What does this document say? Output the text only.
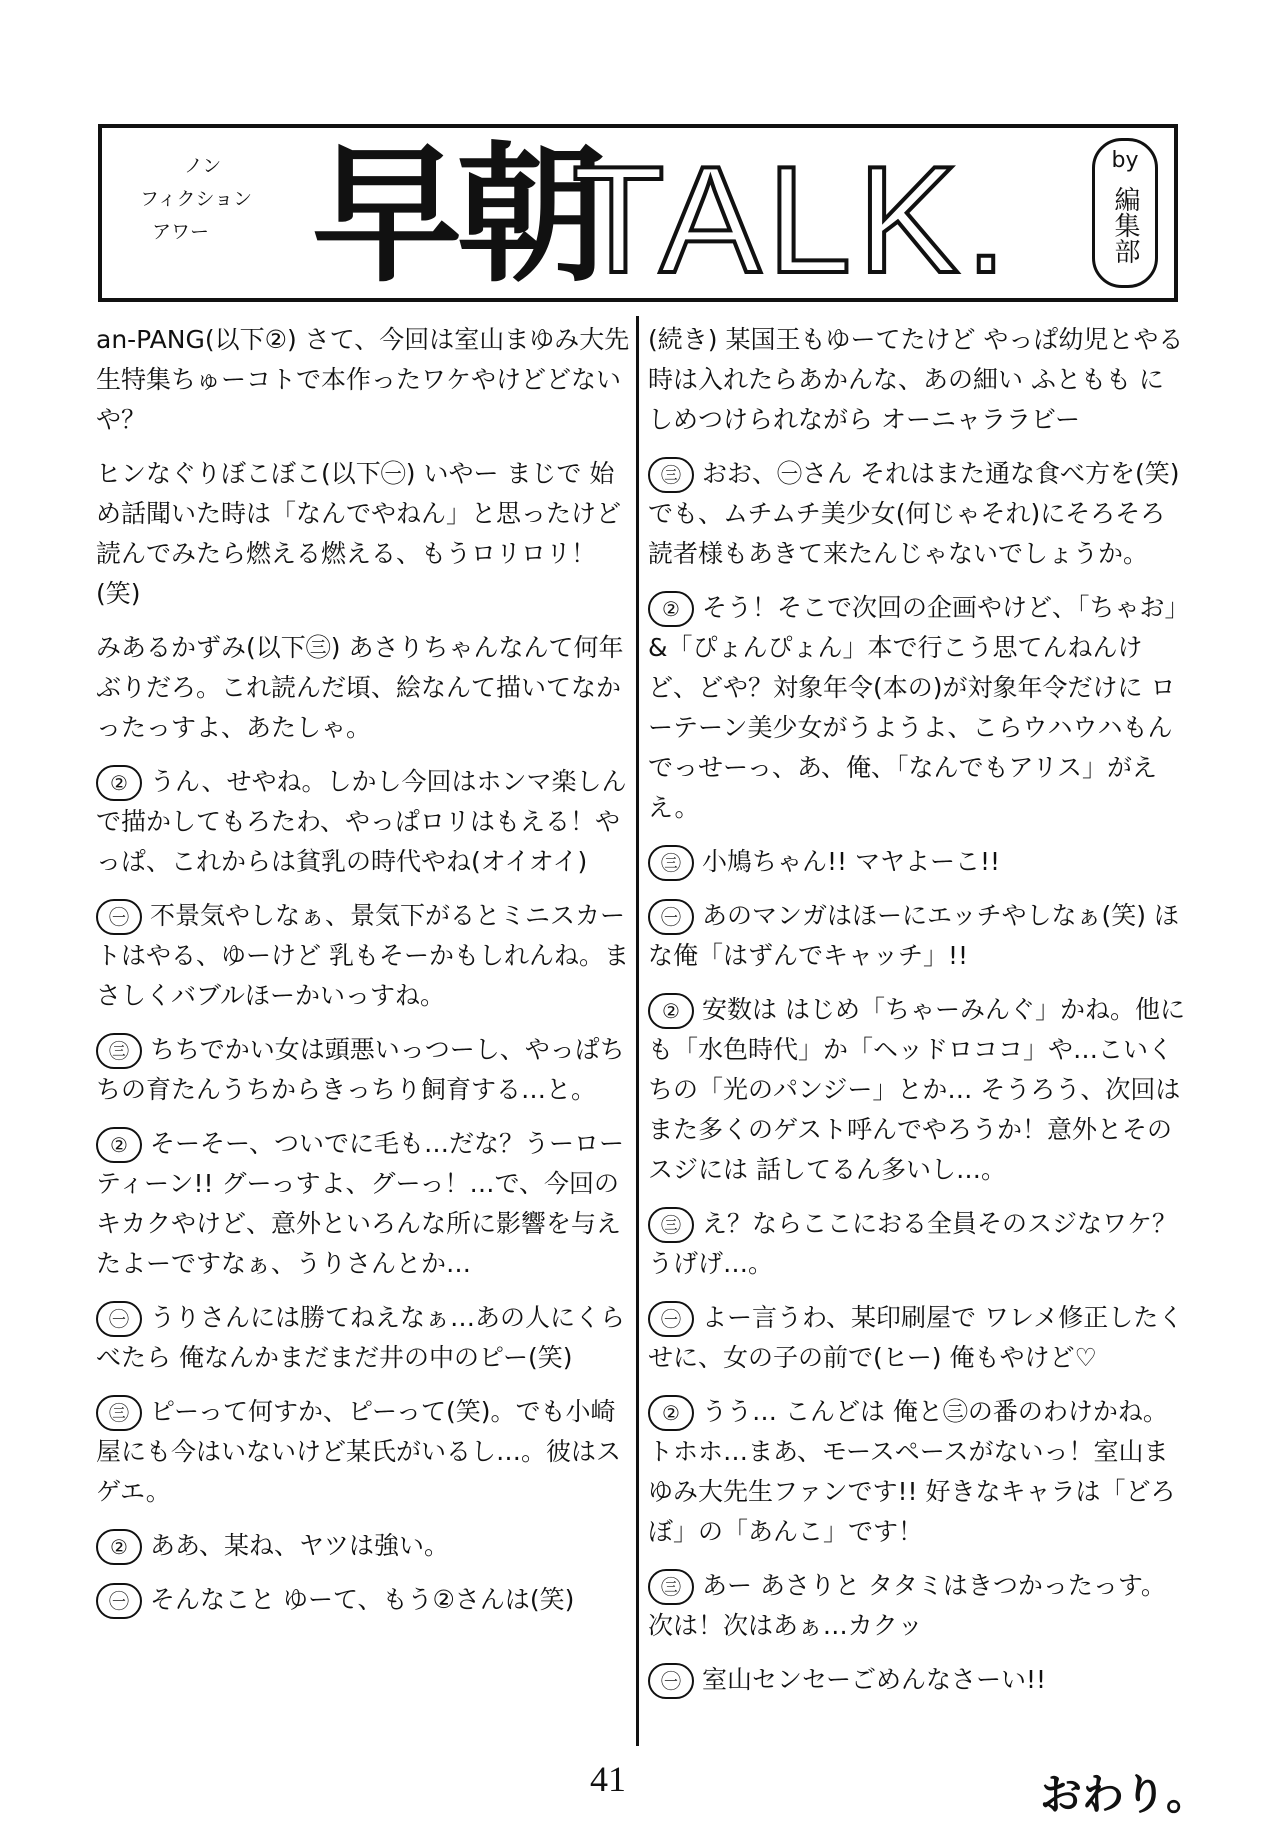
ノン
フィクション
アワー 早朝
TALK.	by
編集部
an-PANG(以下②) さて、今回は室山まゆみ大先生特集ちゅーコトで本作ったワケやけどどないや？
ヒンなぐりぼこぼこ(以下㊀) いやー まじで 始め話聞いた時は「なんでやねん」と思ったけど読んでみたら燃える燃える、もうロリロリ！(笑)
みあるかずみ(以下㊂) あさりちゃんなんて何年ぶりだろ。これ読んだ頃、絵なんて描いてなかったっすよ、あたしゃ。
② うん、せやね。しかし今回はホンマ楽しんで描かしてもろたわ、やっぱロリはもえる！やっぱ、これからは貧乳の時代やね(オイオイ)
㊀ 不景気やしなぁ、景気下がるとミニスカートはやる、ゆーけど 乳もそーかもしれんね。まさしくバブルほーかいっすね。
㊂ ちちでかい女は頭悪いっつーし、やっぱちちの育たんうちからきっちり飼育する…と。
② そーそー、ついでに毛も…だな？うーローティーン!! グーっすよ、グーっ！…で、今回のキカクやけど、意外といろんな所に影響を与えたよーですなぁ、うりさんとか…
㊀ うりさんには勝てねえなぁ…あの人にくらべたら 俺なんかまだまだ井の中のピー(笑)
㊂ ピーって何すか、ピーって(笑)。でも小崎屋にも今はいないけど某氏がいるし…。彼はスゲエ。
② ああ、某ね、ヤツは強い。
㊀ そんなこと ゆーて、もう②さんは(笑)
(続き) 某国王もゆーてたけど やっぱ幼児とやる時は入れたらあかんな、あの細い ふともも にしめつけられながら オーニャララビー
㊂ おお、㊀さん それはまた通な食べ方を(笑) でも、ムチムチ美少女(何じゃそれ)にそろそろ読者様もあきて来たんじゃないでしょうか。
② そう！そこで次回の企画やけど、「ちゃお」&「ぴょんぴょん」本で行こう思てんねんけど、どや？対象年令(本の)が対象年令だけに ローテーン美少女がうようよ、こらウハウハもんでっせーっ、あ、俺、「なんでもアリス」がええ。
㊂ 小鳩ちゃん!! マヤよーこ!!
㊀ あのマンガはほーにエッチやしなぁ(笑) ほな俺「はずんでキャッチ」!!
② 安数は はじめ「ちゃーみんぐ」かね。他にも「水色時代」か「ヘッドロココ」や…こいくちの「光のパンジー」とか… そうろう、次回はまた多くのゲスト呼んでやろうか！意外とそのスジには 話してるん多いし…。
㊂ え？ならここにおる全員そのスジなワケ？うげげ…。
㊀ よー言うわ、某印刷屋で ワレメ修正したくせに、女の子の前で(ヒー) 俺もやけど♡
② うう… こんどは 俺と㊂の番のわけかね。トホホ…まあ、モースペースがないっ！室山まゆみ大先生ファンです!! 好きなキャラは「どろぼ」の「あんこ」です！
㊂ あー あさりと タタミはきつかったっす。次は！次はあぁ…カクッ
㊀ 室山センセーごめんなさーい!!
41	おわり。
